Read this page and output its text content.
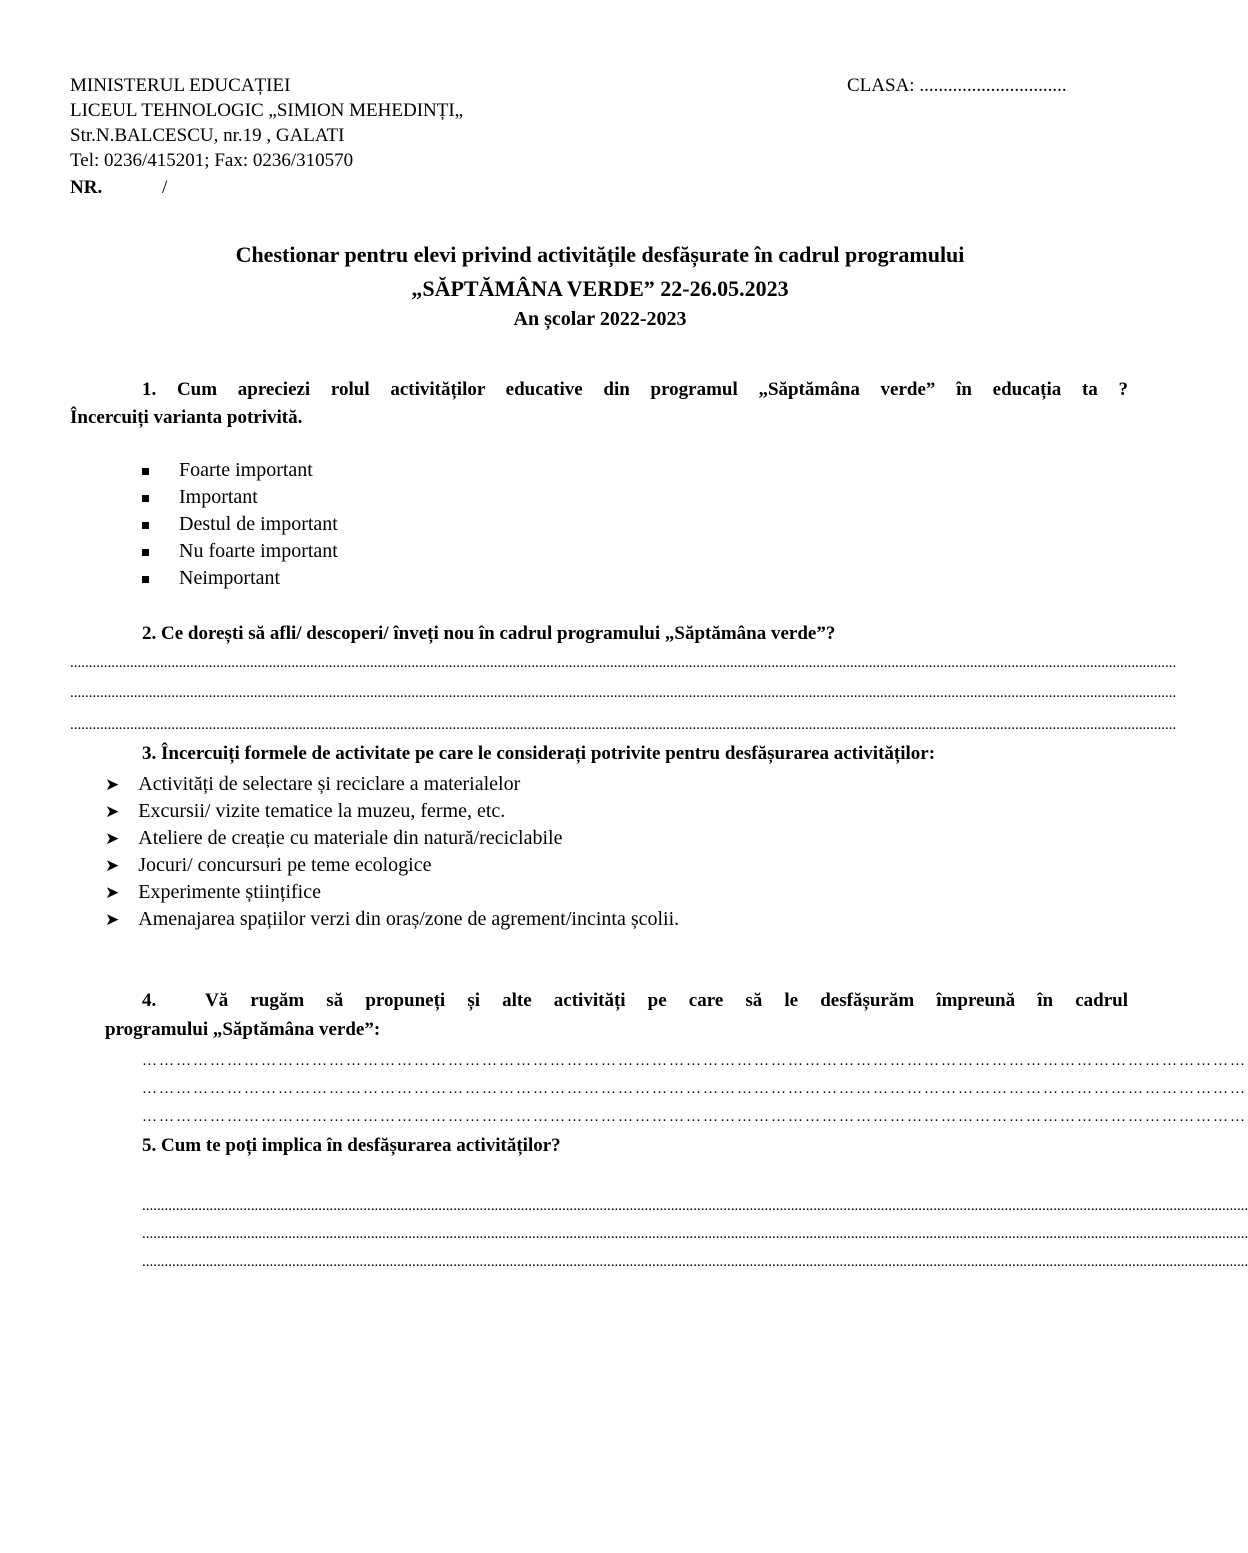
MINISTERUL EDUCAȚIEI	CLASA: ...............................
LICEUL TEHNOLOGIC „SIMION MEHEDINȚI„
Str.N.BALCESCU, nr.19 , GALATI
Tel: 0236/415201; Fax: 0236/310570
NR.	/
Chestionar pentru elevi privind activitățile desfășurate în cadrul programului
„SĂPTĂMÂNA VERDE” 22-26.05.2023
An școlar 2022-2023
1. Cum apreciezi rolul activităților educative din programul „Săptămâna verde” în educația ta ?
Încercuiți varianta potrivită.
Foarte important
Important
Destul de important
Nu foarte important
Neimportant
2. Ce dorești să afli/ descoperi/ înveți nou în cadrul programului „Săptămâna verde”?
.......................................................................................................................................................................................................................................................................................................
.......................................................................................................................................................................................................................................................................................................
.......................................................................................................................................................................................................................................................................................................
3. Încercuiți formele de activitate pe care le considerați potrivite pentru desfășurarea activităților:
➤ Activități de selectare și reciclare a materialelor
➤ Excursii/ vizite tematice la muzeu, ferme, etc.
➤ Ateliere de creație cu materiale din natură/reciclabile
➤ Jocuri/ concursuri pe teme ecologice
➤ Experimente științifice
➤ Amenajarea spațiilor verzi din oraș/zone de agrement/incinta școlii.
4.	Vă rugăm să propuneți și alte activități pe care să le desfășurăm împreună în cadrul
programului „Săptămâna verde”:
……………………………………………………………………………………………………………………………………………………………………………
……………………………………………………………………………………………………………………………………………………………………………
……………………………………………………………………………………………………………………………………………………………………………
5. Cum te poți implica în desfășurarea activităților?
.......................................................................................................................................................................................................................................................................................................
.......................................................................................................................................................................................................................................................................................................
.......................................................................................................................................................................................................................................................................................................
